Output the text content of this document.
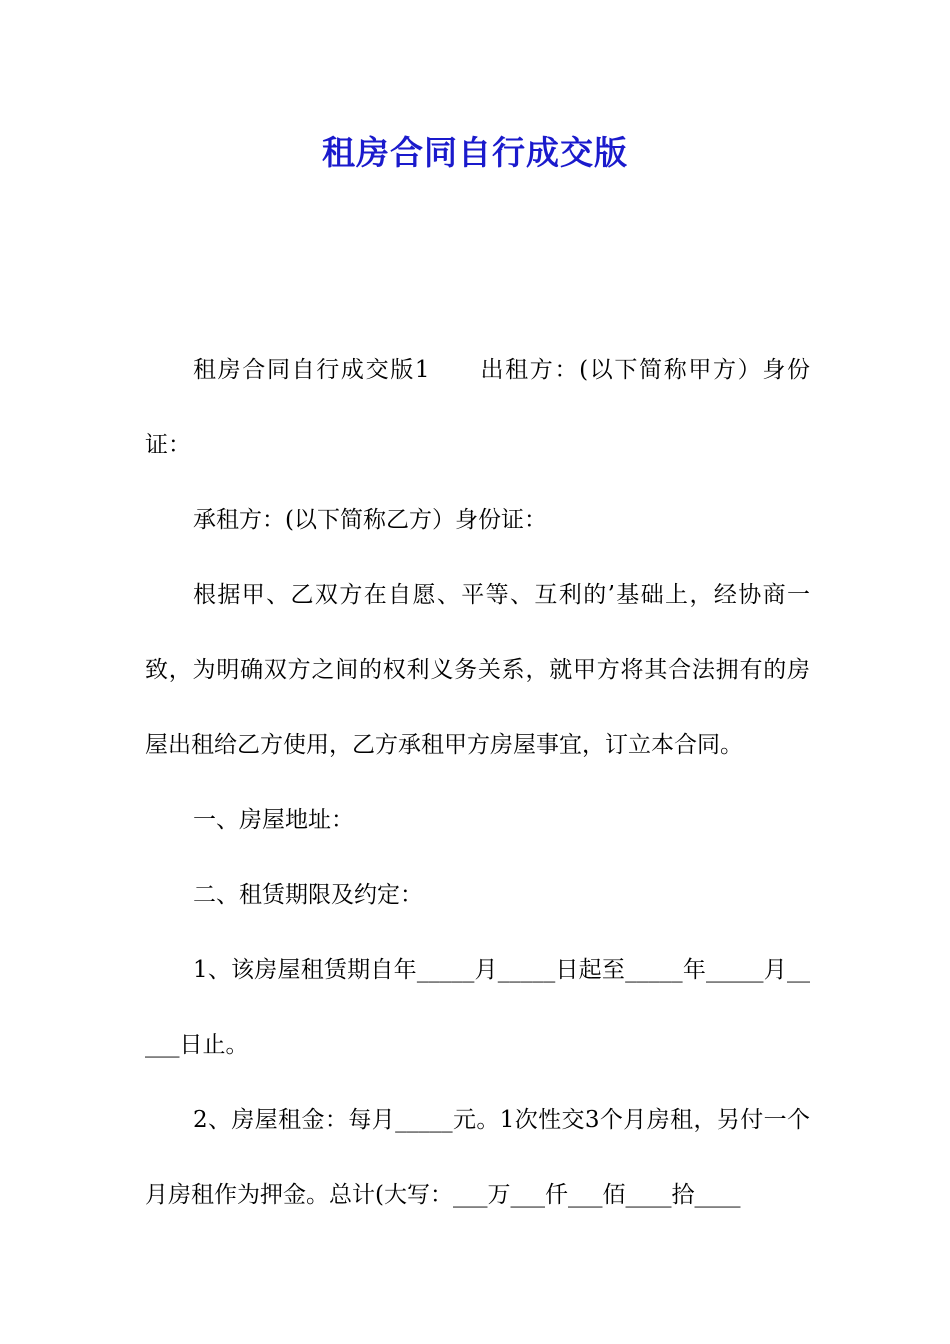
租房合同自行成交版

租房合同自行成交版1　　出租方：(以下简称甲方）身份证：

承租方：(以下简称乙方）身份证：

根据甲、乙双方在自愿、平等、互利的’基础上，经协商一致，为明确双方之间的权利义务关系，就甲方将其合法拥有的房屋出租给乙方使用，乙方承租甲方房屋事宜，订立本合同。

一、房屋地址：

二、租赁期限及约定：

1、该房屋租赁期自年_____月_____日起至_____年_____月_____日止。

2、房屋租金：每月_____元。1次性交3个月房租，另付一个月房租作为押金。总计(大写：___万___仟___佰____拾____
